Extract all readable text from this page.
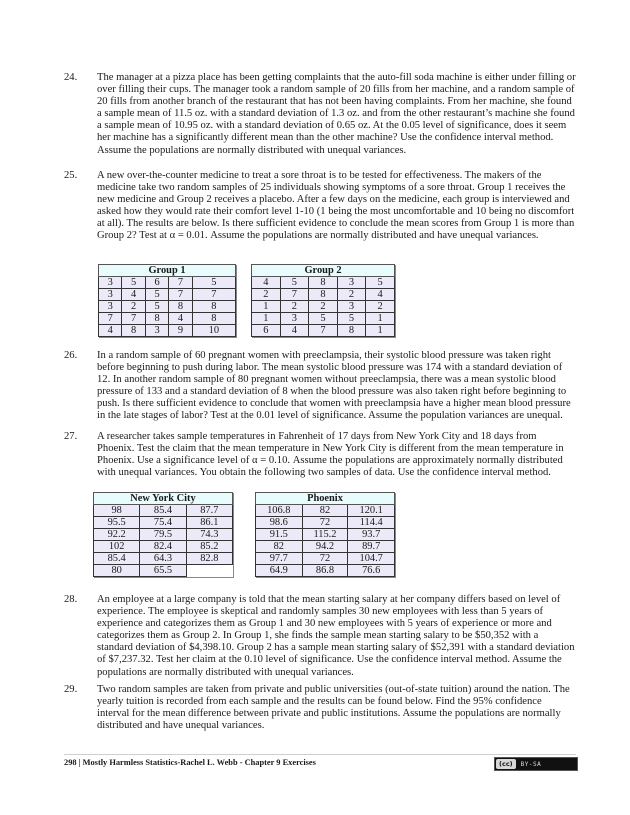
24.	The manager at a pizza place has been getting complaints that the auto-fill soda machine is either under filling or over filling their cups. The manager took a random sample of 20 fills from her machine, and a random sample of 20 fills from another branch of the restaurant that has not been having complaints. From her machine, she found a sample mean of 11.5 oz. with a standard deviation of 1.3 oz. and from the other restaurant’s machine she found a sample mean of 10.95 oz. with a standard deviation of 0.65 oz. At the 0.05 level of significance, does it seem her machine has a significantly different mean than the other machine? Use the confidence interval method. Assume the populations are normally distributed with unequal variances.
25.	A new over-the-counter medicine to treat a sore throat is to be tested for effectiveness. The makers of the medicine take two random samples of 25 individuals showing symptoms of a sore throat. Group 1 receives the new medicine and Group 2 receives a placebo. After a few days on the medicine, each group is interviewed and asked how they would rate their comfort level 1-10 (1 being the most uncomfortable and 10 being no discomfort at all). The results are below. Is there sufficient evidence to conclude the mean scores from Group 1 is more than Group 2? Test at α = 0.01. Assume the populations are normally distributed and have unequal variances.
Group 1				
3	5	6	7	5
3	4	5	7	7
3	2	5	8	8
7	7	8	4	8
4	8	3	9	10
Group 2				
4	5	8	3	5
2	7	8	2	4
1	2	2	3	2
1	3	5	5	1
6	4	7	8	1
26.	In a random sample of 60 pregnant women with preeclampsia, their systolic blood pressure was taken right before beginning to push during labor. The mean systolic blood pressure was 174 with a standard deviation of 12. In another random sample of 80 pregnant women without preeclampsia, there was a mean systolic blood pressure of 133 and a standard deviation of 8 when the blood pressure was also taken right before beginning to push. Is there sufficient evidence to conclude that women with preeclampsia have a higher mean blood pressure in the late stages of labor? Test at the 0.01 level of significance. Assume the population variances are unequal.
27.	A researcher takes sample temperatures in Fahrenheit of 17 days from New York City and 18 days from Phoenix. Test the claim that the mean temperature in New York City is different from the mean temperature in Phoenix. Use a significance level of α = 0.10. Assume the populations are approximately normally distributed with unequal variances. You obtain the following two samples of data. Use the confidence interval method.
New York City		
98	85.4	87.7
95.5	75.4	86.1
92.2	79.5	74.3
102	82.4	85.2
85.4	64.3	82.8
80	65.5	
Phoenix		
106.8	82	120.1
98.6	72	114.4
91.5	115.2	93.7
82	94.2	89.7
97.7	72	104.7
64.9	86.8	76.6
28.	An employee at a large company is told that the mean starting salary at her company differs based on level of experience. The employee is skeptical and randomly samples 30 new employees with less than 5 years of experience and categorizes them as Group 1 and 30 new employees with 5 years of experience or more and categorizes them as Group 2. In Group 1, she finds the sample mean starting salary to be $50,352 with a standard deviation of $4,398.10. Group 2 has a sample mean starting salary of $52,391 with a standard deviation of $7,237.32. Test her claim at the 0.10 level of significance. Use the confidence interval method. Assume the populations are normally distributed with unequal variances.
29.	Two random samples are taken from private and public universities (out-of-state tuition) around the nation. The yearly tuition is recorded from each sample and the results can be found below. Find the 95% confidence interval for the mean difference between private and public institutions. Assume the populations are normally distributed and have unequal variances.
298 | Mostly Harmless Statistics-Rachel L. Webb - Chapter 9 Exercises	(cc)	BY-SA
